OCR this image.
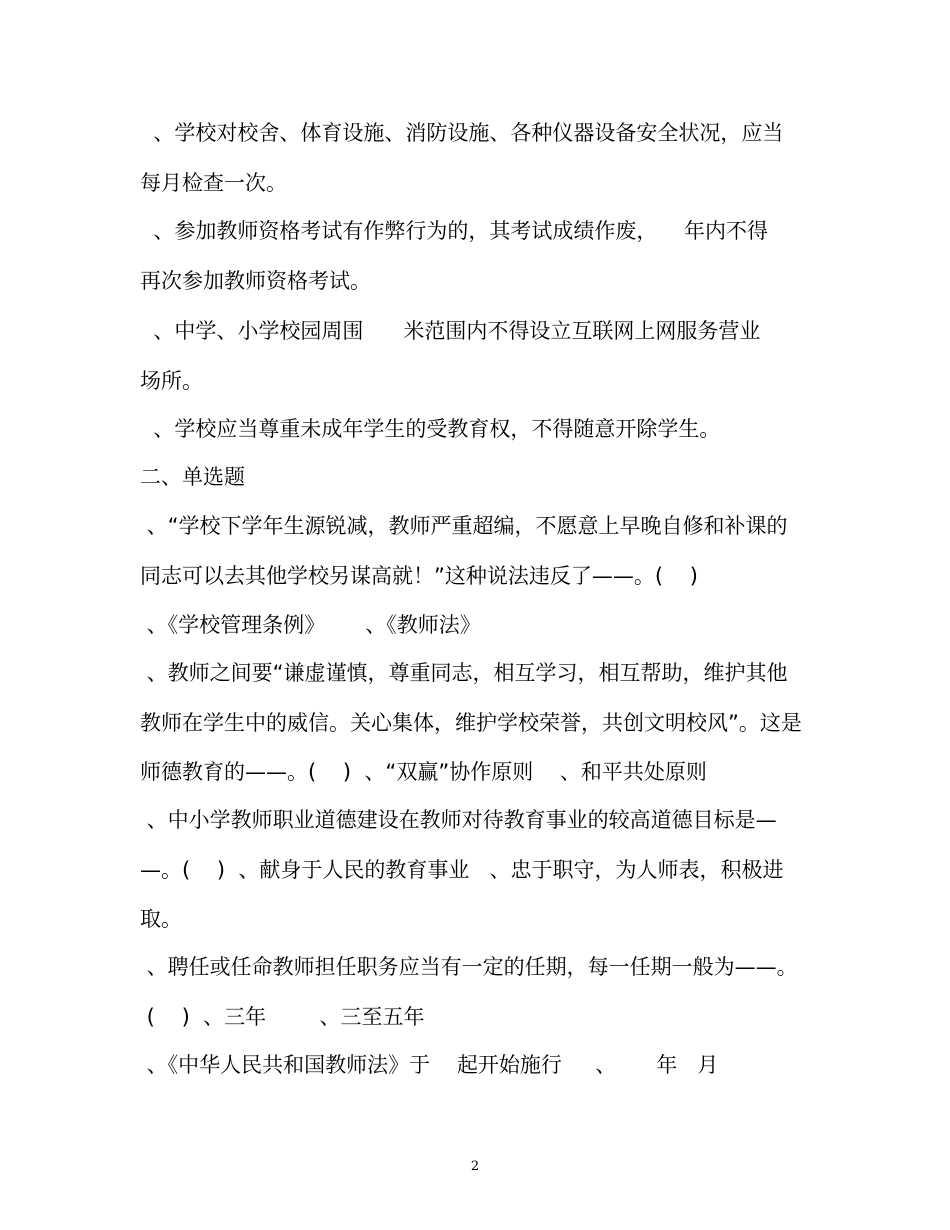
、学校对校舍、体育设施、消防设施、各种仪器设备安全状况，应当
每月检查一次。
、参加教师资格考试有作弊行为的，其考试成绩作废，    年内不得
再次参加教师资格考试。
、中学、小学校园周围      米范围内不得设立互联网上网服务营业
场所。
、学校应当尊重未成年学生的受教育权，不得随意开除学生。
二、单选题
、“学校下学年生源锐减，教师严重超编，不愿意上早晚自修和补课的
同志可以去其他学校另谋高就！”这种说法违反了——。(    )
、《学校管理条例》      、《教师法》
、教师之间要“谦虚谨慎，尊重同志，相互学习，相互帮助，维护其他
教师在学生中的威信。关心集体，维护学校荣誉，共创文明校风”。这是
师德教育的——。(    )  、“双赢”协作原则    、和平共处原则
、中小学教师职业道德建设在教师对待教育事业的较高道德目标是—
—。(    )  、献身于人民的教育事业   、忠于职守，为人师表，积极进
取。
、聘任或任命教师担任职务应当有一定的任期，每一任期一般为——。
(    )  、三年        、三至五年
、《中华人民共和国教师法》于    起开始施行     、      年   月
2
